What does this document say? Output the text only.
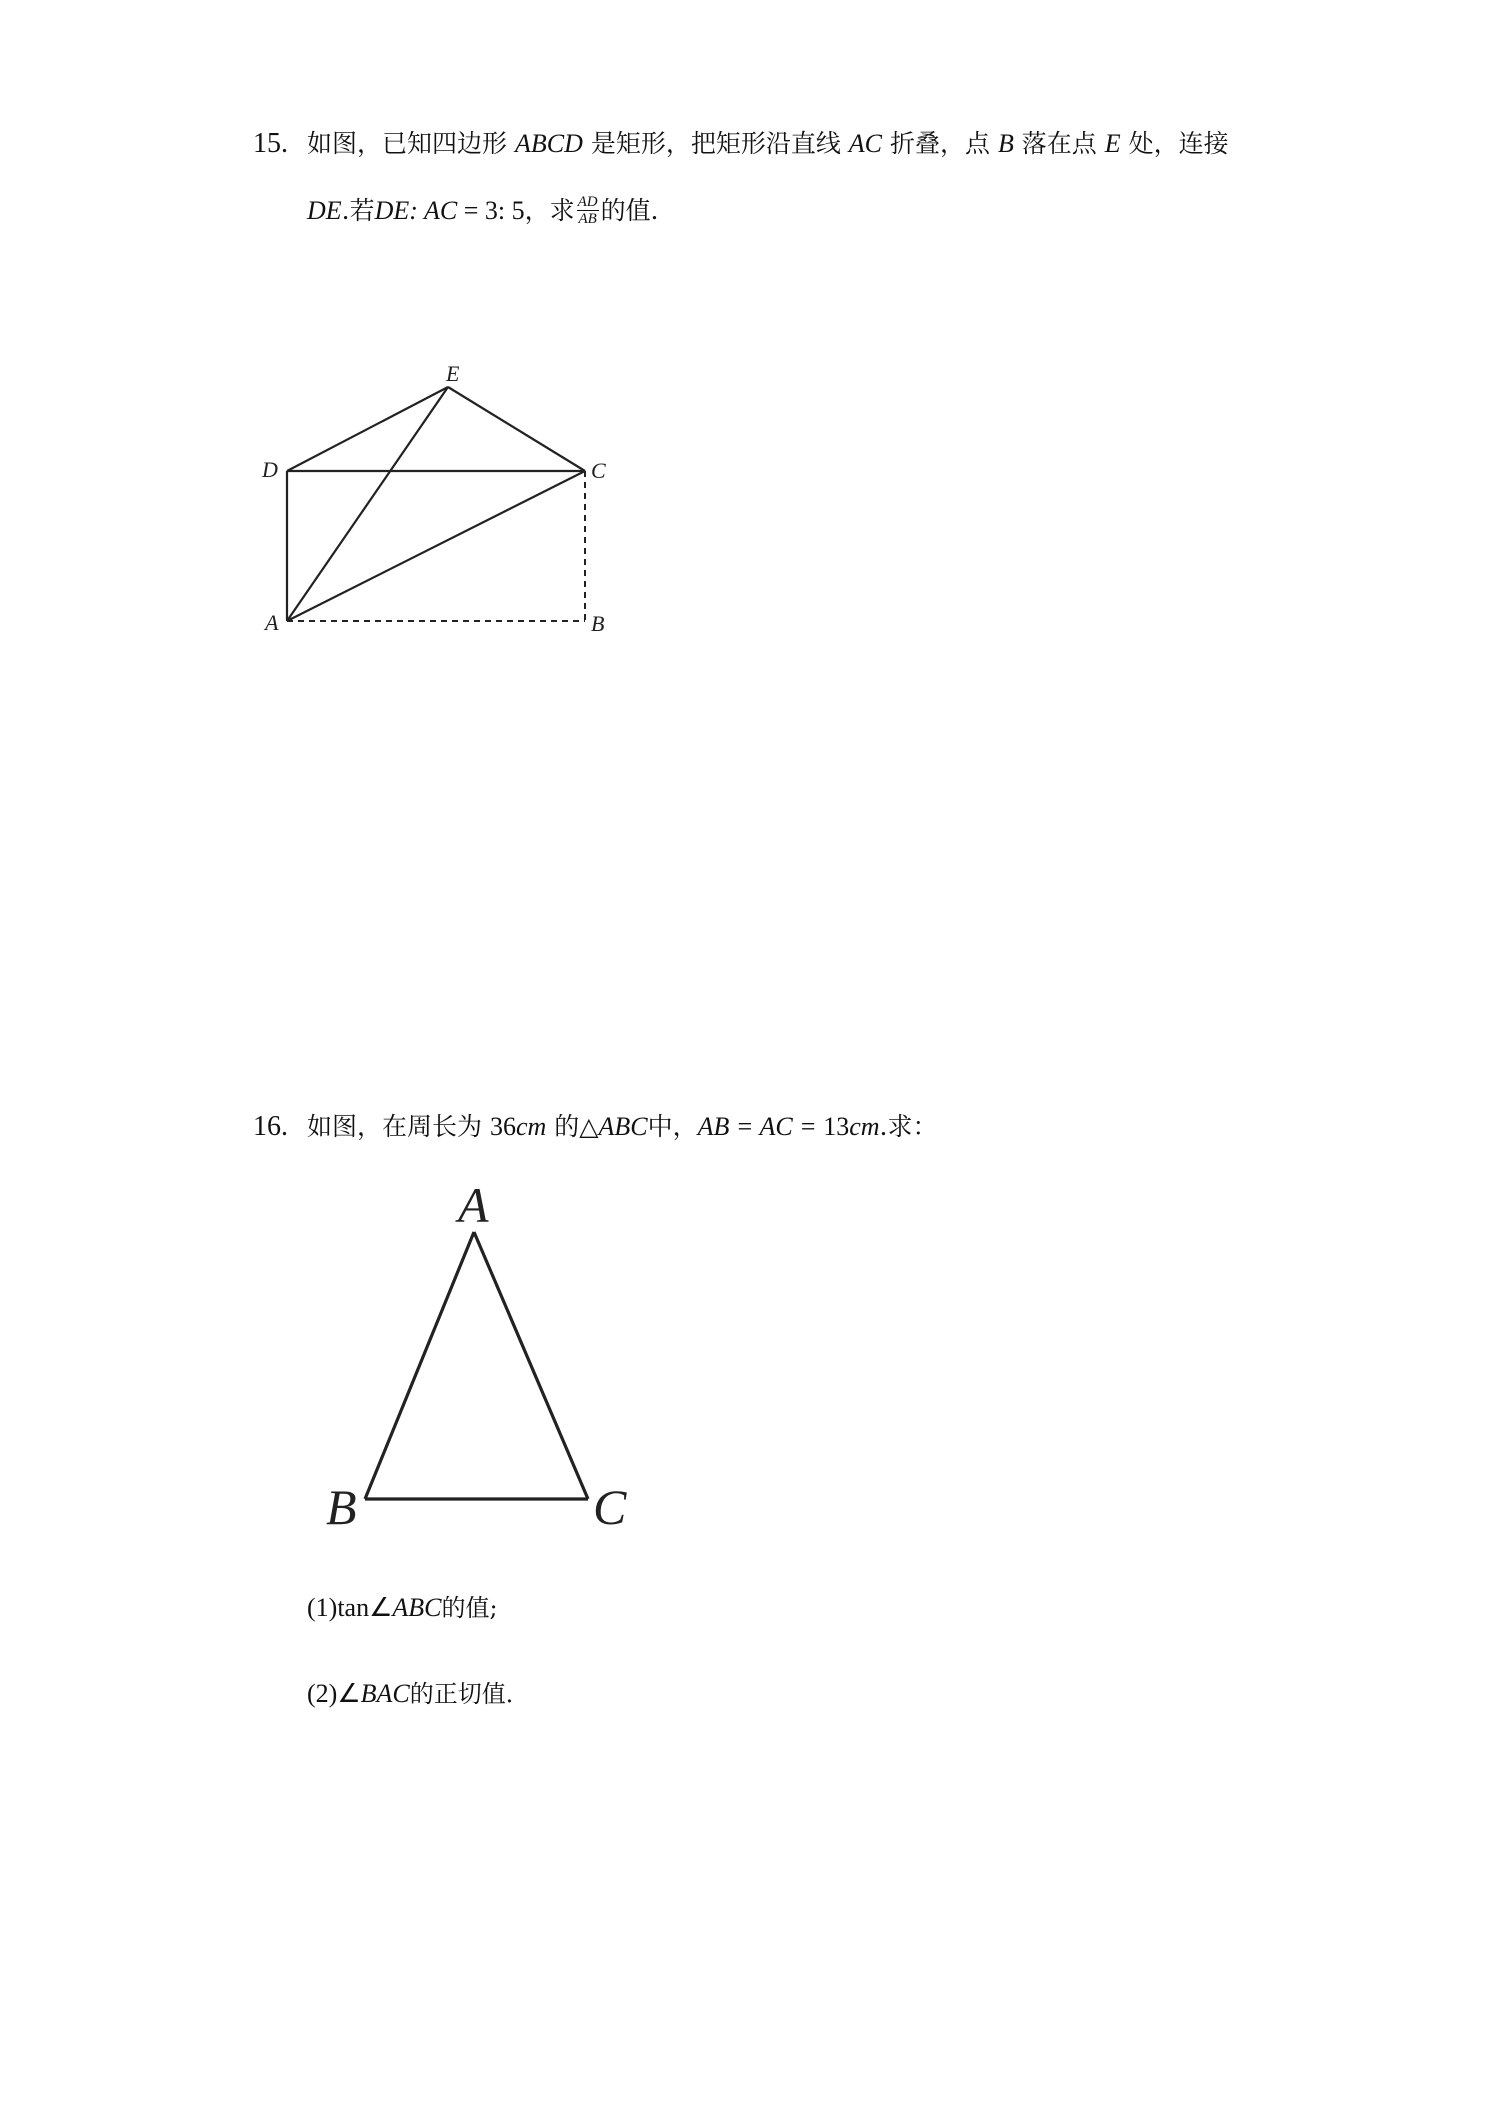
15. 如图，已知四边形 ABCD 是矩形，把矩形沿直线 AC 折叠，点 B 落在点 E 处，连接
DE.若DE: AC = 3: 5，求 $\frac{AD}{AB}$ 的值．
E
D	C
A	B
16. 如图，在周长为 36cm 的△ABC中，AB = AC = 13cm.求：
A
B	C
(1)tan∠ABC的值;
(2)∠BAC的正切值．
